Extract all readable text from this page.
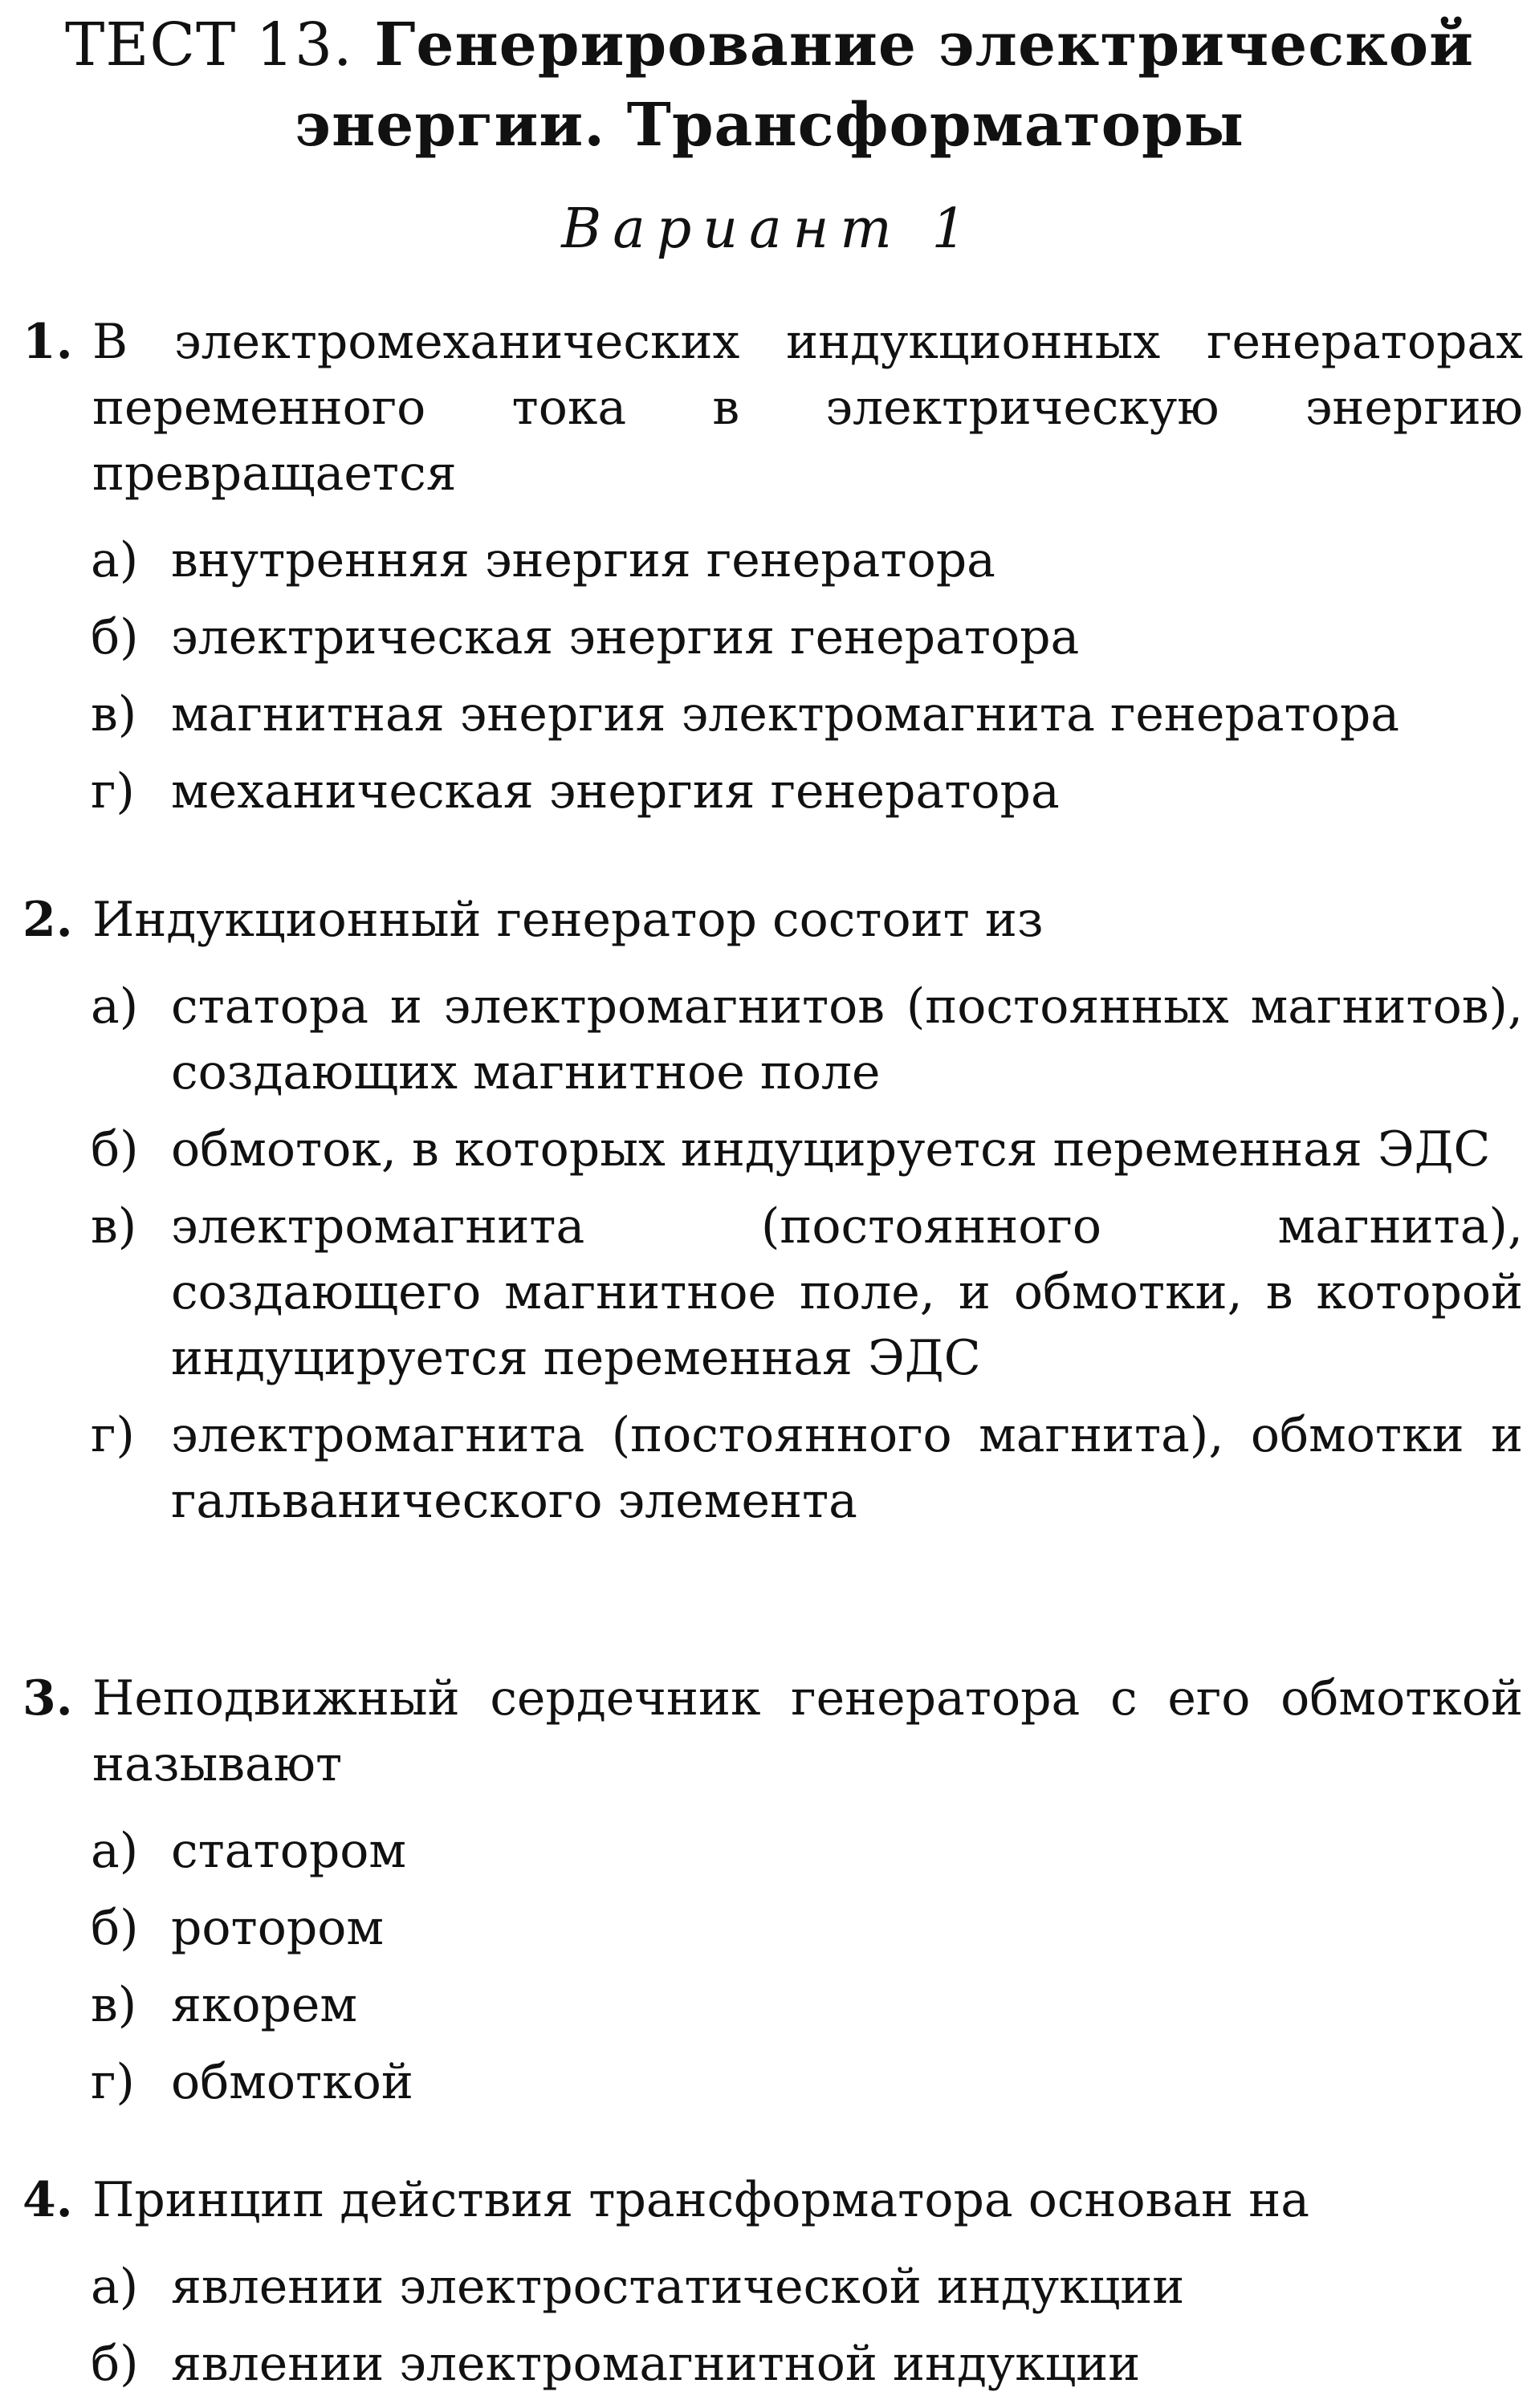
ТЕСТ 13. Генерирование электрической
энергии. Трансформаторы
Вариант 1
1. В электромеханических индукционных генераторах переменного тока в электрическую энергию превращается
а) внутренняя энергия генератора
б) электрическая энергия генератора
в) магнитная энергия электромагнита генератора
г) механическая энергия генератора
2. Индукционный генератор состоит из
а) статора и электромагнитов (постоянных магнитов), создающих магнитное поле
б) обмоток, в которых индуцируется переменная ЭДС
в) электромагнита (постоянного магнита), создающего магнитное поле, и обмотки, в которой индуцируется переменная ЭДС
г) электромагнита (постоянного магнита), обмотки и гальванического элемента
3. Неподвижный сердечник генератора с его обмоткой называют
а) статором
б) ротором
в) якорем
г) обмоткой
4. Принцип действия трансформатора основан на
а) явлении электростатической индукции
б) явлении электромагнитной индукции
